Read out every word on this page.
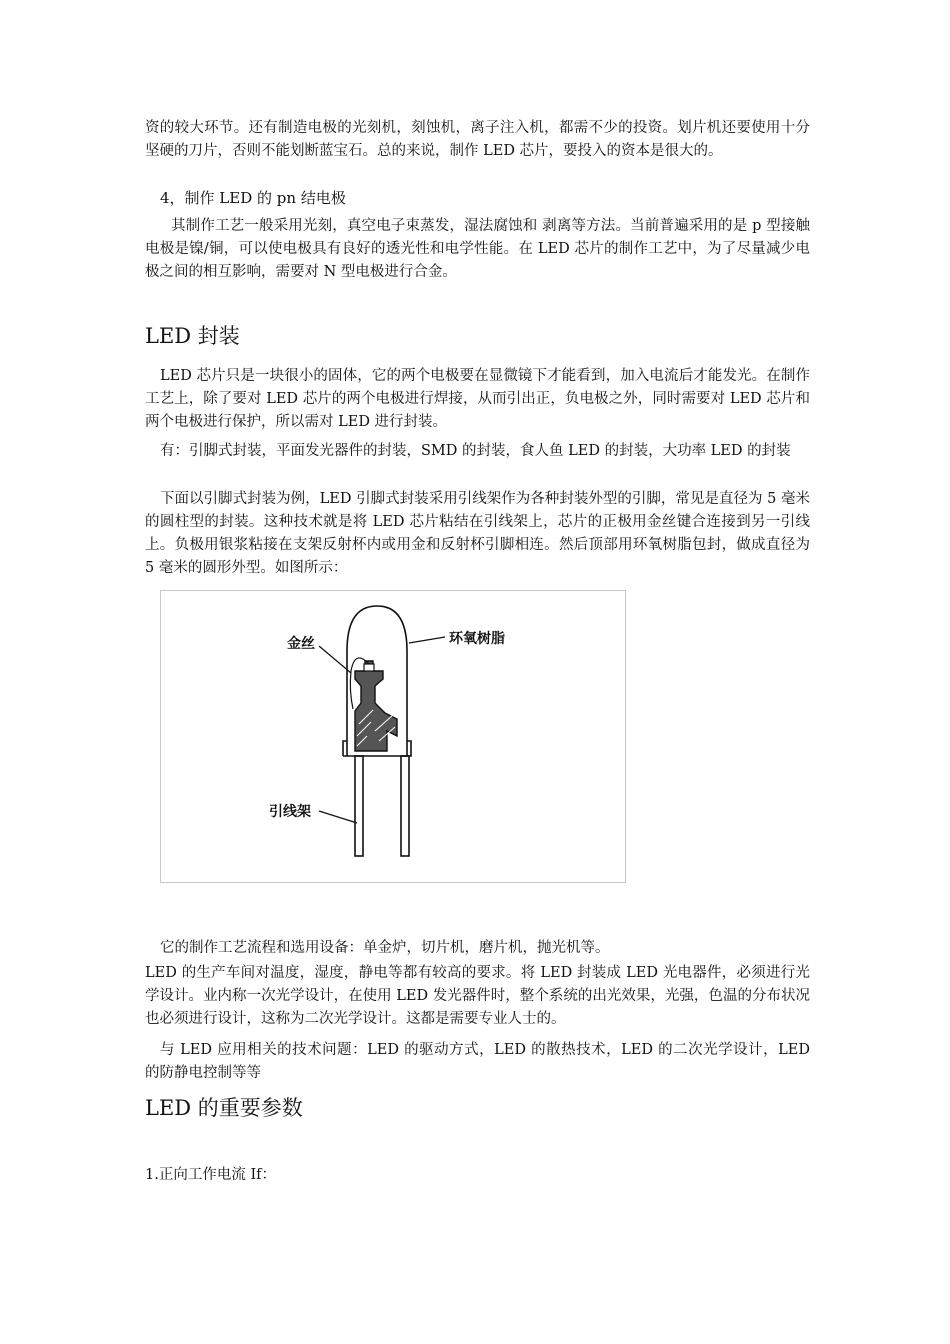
资的较大环节。还有制造电极的光刻机，刻蚀机，离子注入机，都需不少的投资。划片机还要使用十分坚硬的刀片，否则不能划断蓝宝石。总的来说，制作 LED 芯片，要投入的资本是很大的。

4，制作 LED 的 pn 结电极

其制作工艺一般采用光刻，真空电子束蒸发，湿法腐蚀和 剥离等方法。当前普遍采用的是 p 型接触电极是镍/铜，可以使电极具有良好的透光性和电学性能。在 LED 芯片的制作工艺中，为了尽量减少电极之间的相互影响，需要对 N 型电极进行合金。

LED 封装

LED 芯片只是一块很小的固体，它的两个电极要在显微镜下才能看到，加入电流后才能发光。在制作工艺上，除了要对 LED 芯片的两个电极进行焊接，从而引出正，负电极之外，同时需要对 LED 芯片和两个电极进行保护，所以需对 LED 进行封装。

有：引脚式封装，平面发光器件的封装，SMD 的封装，食人鱼 LED 的封装，大功率 LED 的封装

下面以引脚式封装为例，LED 引脚式封装采用引线架作为各种封装外型的引脚，常见是直径为 5 毫米的圆柱型的封装。这种技术就是将 LED 芯片粘结在引线架上，芯片的正极用金丝键合连接到另一引线上。负极用银浆粘接在支架反射杯内或用金和反射杯引脚相连。然后顶部用环氧树脂包封，做成直径为 5 毫米的圆形外型。如图所示：

金丝	环氧树脂
引线架

它的制作工艺流程和选用设备：单金炉，切片机，磨片机，抛光机等。

LED 的生产车间对温度，湿度，静电等都有较高的要求。将 LED 封装成 LED 光电器件，必须进行光学设计。业内称一次光学设计，在使用 LED 发光器件时，整个系统的出光效果，光强，色温的分布状况也必须进行设计，这称为二次光学设计。这都是需要专业人士的。

与 LED 应用相关的技术问题：LED 的驱动方式，LED 的散热技术，LED 的二次光学设计，LED 的防静电控制等等

LED 的重要参数

1.正向工作电流 If：
